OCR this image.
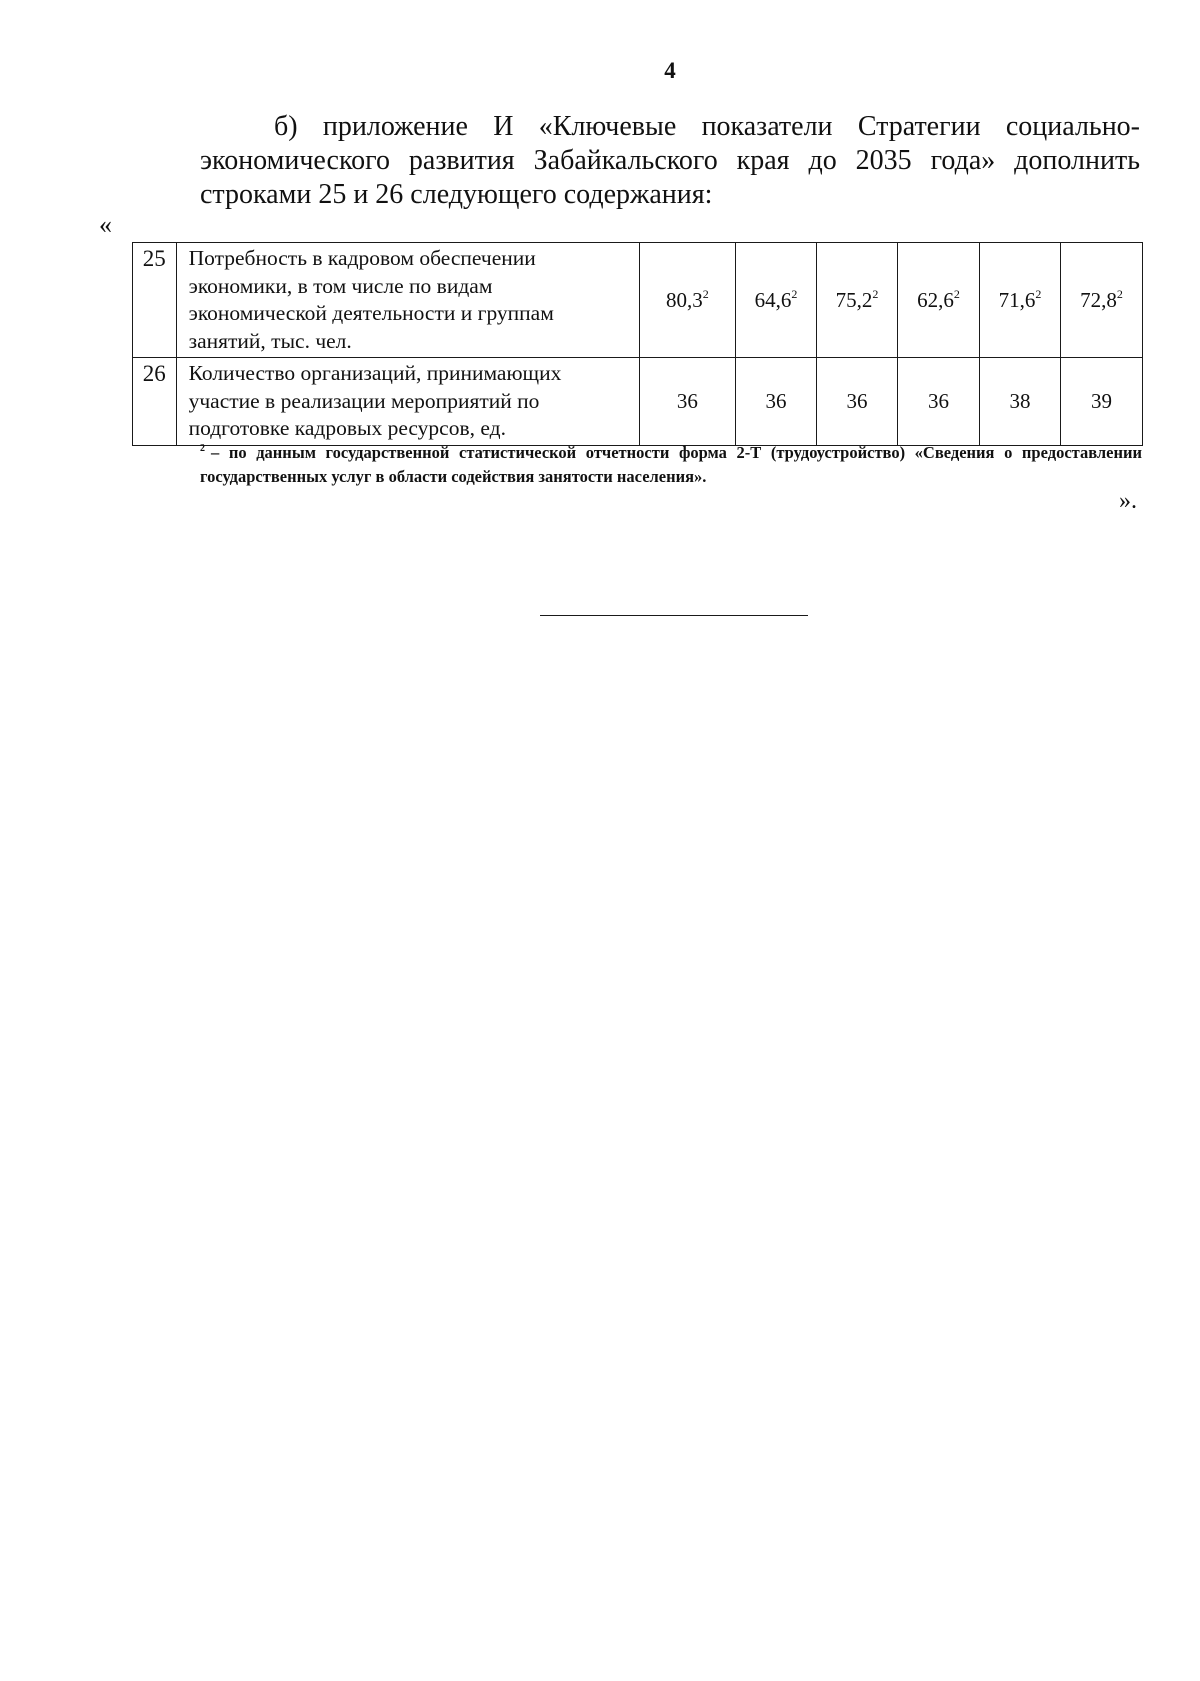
4
б) приложение И «Ключевые показатели Стратегии социально-экономического развития Забайкальского края до 2035 года» дополнить строками 25 и 26 следующего содержания:
«
25	Потребность в кадровом обеспечении экономики, в том числе по видам экономической деятельности и группам занятий, тыс. чел.	80,3$^2$	64,6$^2$	75,2$^2$	62,6$^2$	71,6$^2$	72,8$^2$
26	Количество организаций, принимающих участие в реализации мероприятий по подготовке кадровых ресурсов, ед.	36	36	36	36	38	39
$^2$ – по данным государственной статистической отчетности форма 2-Т (трудоустройство) «Сведения о предоставлении государственных услуг в области содействия занятости населения».
».
